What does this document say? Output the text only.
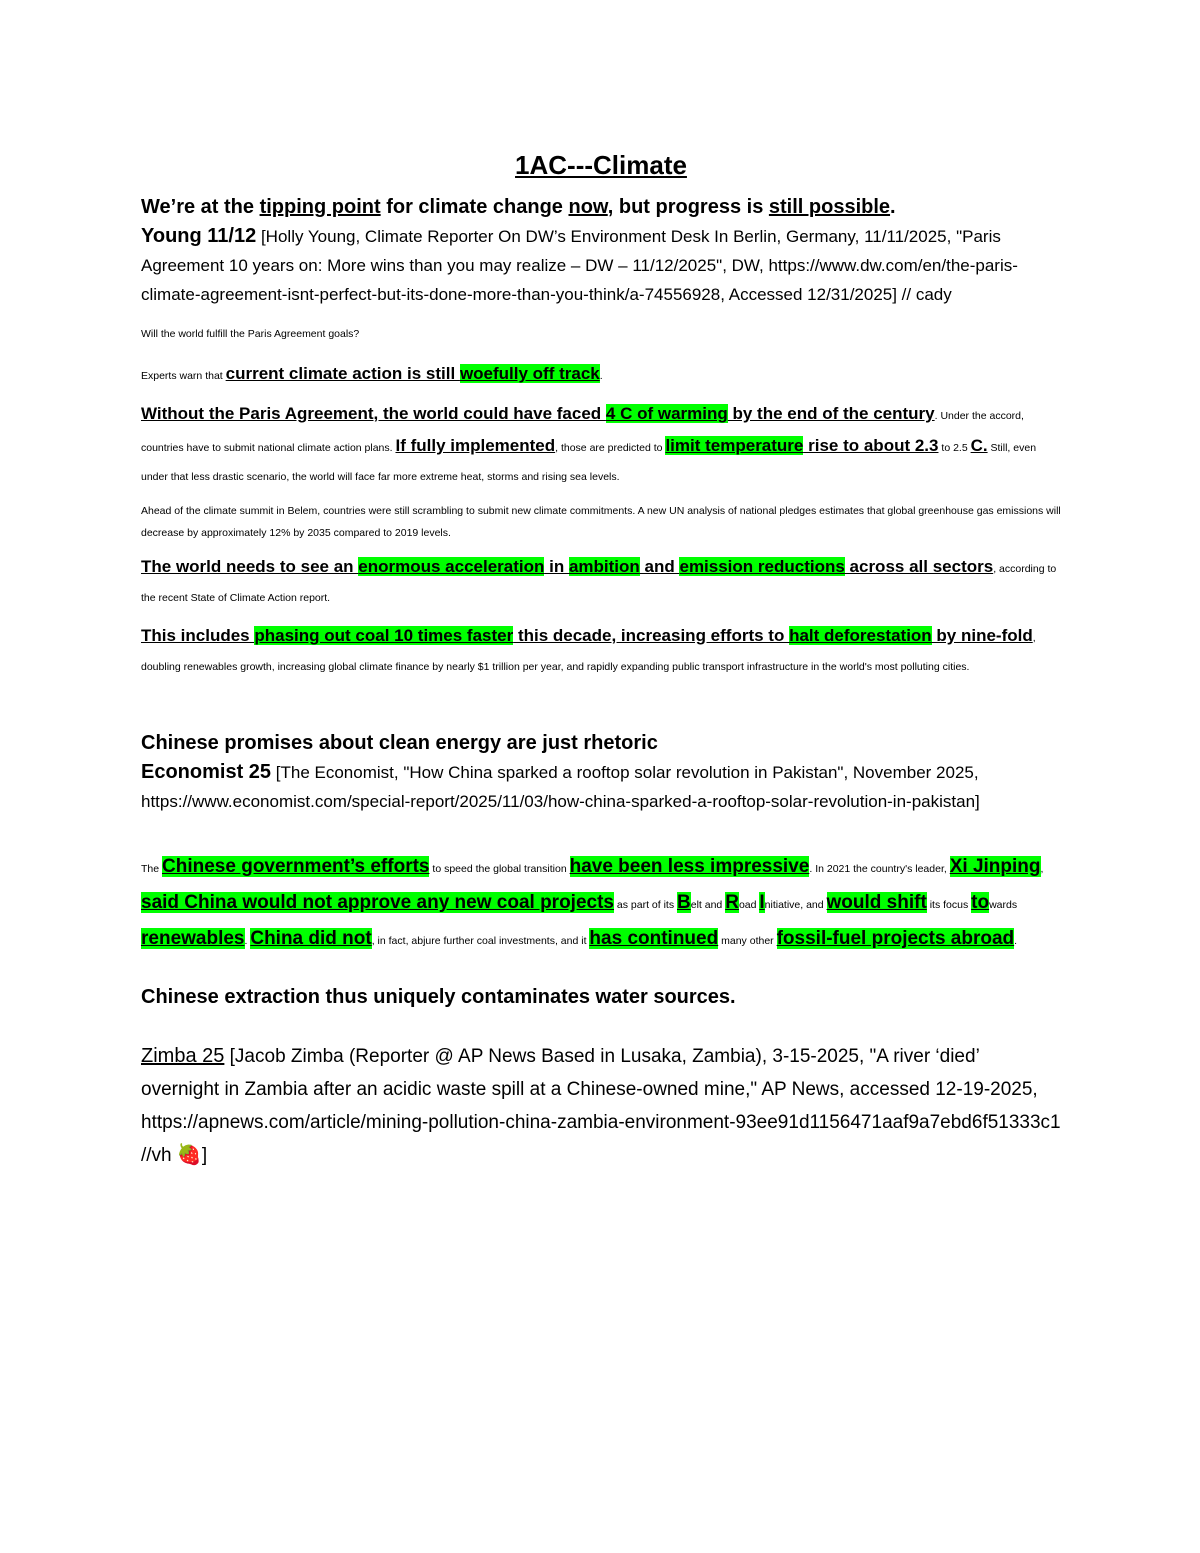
1AC---Climate

We’re at the tipping point for climate change now, but progress is still possible.

Young 11/12 [Holly Young, Climate Reporter On DW’s Environment Desk In Berlin, Germany, 11/11/2025, "Paris Agreement 10 years on: More wins than you may realize – DW – 11/12/2025", DW, https://www.dw.com/en/the-paris-climate-agreement-isnt-perfect-but-its-done-more-than-you-think/a-74556928, Accessed 12/31/2025] // cady

Will the world fulfill the Paris Agreement goals?

Experts warn that current climate action is still woefully off track.

Without the Paris Agreement, the world could have faced 4 C of warming by the end of the century. Under the accord, countries have to submit national climate action plans. If fully implemented, those are predicted to limit temperature rise to about 2.3 to 2.5 C. Still, even under that less drastic scenario, the world will face far more extreme heat, storms and rising sea levels.

Ahead of the climate summit in Belem, countries were still scrambling to submit new climate commitments. A new UN analysis of national pledges estimates that global greenhouse gas emissions will decrease by approximately 12% by 2035 compared to 2019 levels.

The world needs to see an enormous acceleration in ambition and emission reductions across all sectors, according to the recent State of Climate Action report.

This includes phasing out coal 10 times faster this decade, increasing efforts to halt deforestation by nine-fold, doubling renewables growth, increasing global climate finance by nearly $1 trillion per year, and rapidly expanding public transport infrastructure in the world's most polluting cities.

Chinese promises about clean energy are just rhetoric

Economist 25 [The Economist, "How China sparked a rooftop solar revolution in Pakistan", November 2025, https://www.economist.com/special-report/2025/11/03/how-china-sparked-a-rooftop-solar-revolution-in-pakistan]

The Chinese government’s efforts to speed the global transition have been less impressive. In 2021 the country's leader, Xi Jinping, said China would not approve any new coal projects as part of its Belt and Road Initiative, and would shift its focus towards renewables. China did not, in fact, abjure further coal investments, and it has continued many other fossil-fuel projects abroad.

Chinese extraction thus uniquely contaminates water sources.

Zimba 25 [Jacob Zimba (Reporter @ AP News Based in Lusaka, Zambia), 3-15-2025, "A river ‘died’ overnight in Zambia after an acidic waste spill at a Chinese-owned mine," AP News, accessed 12-19-2025, https://apnews.com/article/mining-pollution-china-zambia-environment-93ee91d1156471aaf9a7ebd6f51333c1 //vh 🍓]
